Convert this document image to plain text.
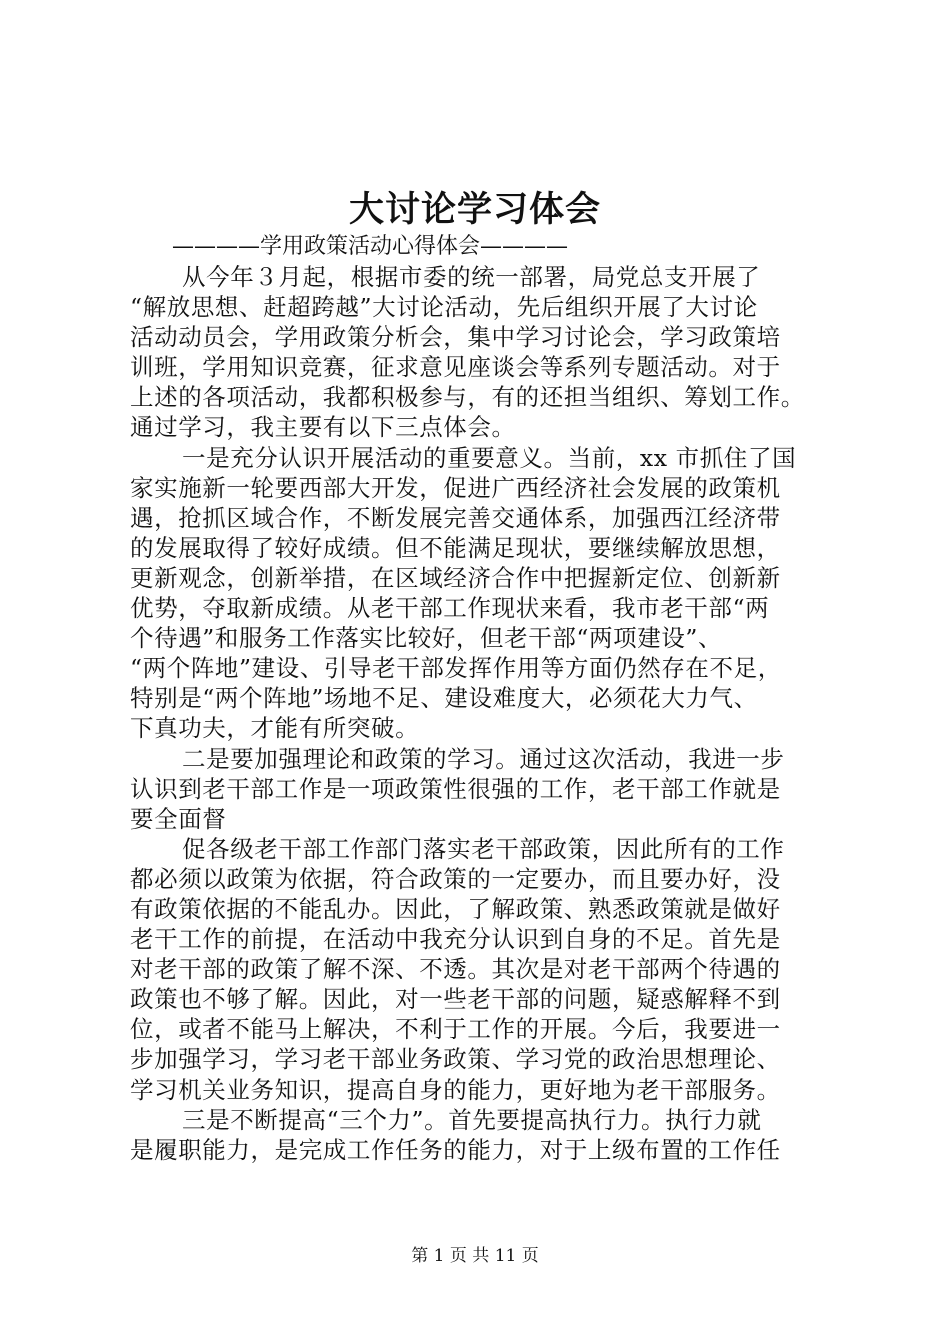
大讨论学习体会
————学用政策活动心得体会————
从今年３月起，根据市委的统一部署，局党总支开展了
“解放思想、赶超跨越”大讨论活动，先后组织开展了大讨论
活动动员会，学用政策分析会，集中学习讨论会，学习政策培
训班，学用知识竞赛，征求意见座谈会等系列专题活动。对于
上述的各项活动，我都积极参与，有的还担当组织、筹划工作。
通过学习，我主要有以下三点体会。
一是充分认识开展活动的重要意义。当前，xx 市抓住了国
家实施新一轮要西部大开发，促进广西经济社会发展的政策机
遇，抢抓区域合作，不断发展完善交通体系，加强西江经济带
的发展取得了较好成绩。但不能满足现状，要继续解放思想，
更新观念，创新举措，在区域经济合作中把握新定位、创新新
优势，夺取新成绩。从老干部工作现状来看，我市老干部“两
个待遇”和服务工作落实比较好，但老干部“两项建设”、
“两个阵地”建设、引导老干部发挥作用等方面仍然存在不足，
特别是“两个阵地”场地不足、建设难度大，必须花大力气、
下真功夫，才能有所突破。
二是要加强理论和政策的学习。通过这次活动，我进一步
认识到老干部工作是一项政策性很强的工作，老干部工作就是
要全面督
促各级老干部工作部门落实老干部政策，因此所有的工作
都必须以政策为依据，符合政策的一定要办，而且要办好，没
有政策依据的不能乱办。因此，了解政策、熟悉政策就是做好
老干工作的前提，在活动中我充分认识到自身的不足。首先是
对老干部的政策了解不深、不透。其次是对老干部两个待遇的
政策也不够了解。因此，对一些老干部的问题，疑惑解释不到
位，或者不能马上解决，不利于工作的开展。今后，我要进一
步加强学习，学习老干部业务政策、学习党的政治思想理论、
学习机关业务知识，提高自身的能力，更好地为老干部服务。
三是不断提高“三个力”。首先要提高执行力。执行力就
是履职能力，是完成工作任务的能力，对于上级布置的工作任
第 1 页 共 11 页
